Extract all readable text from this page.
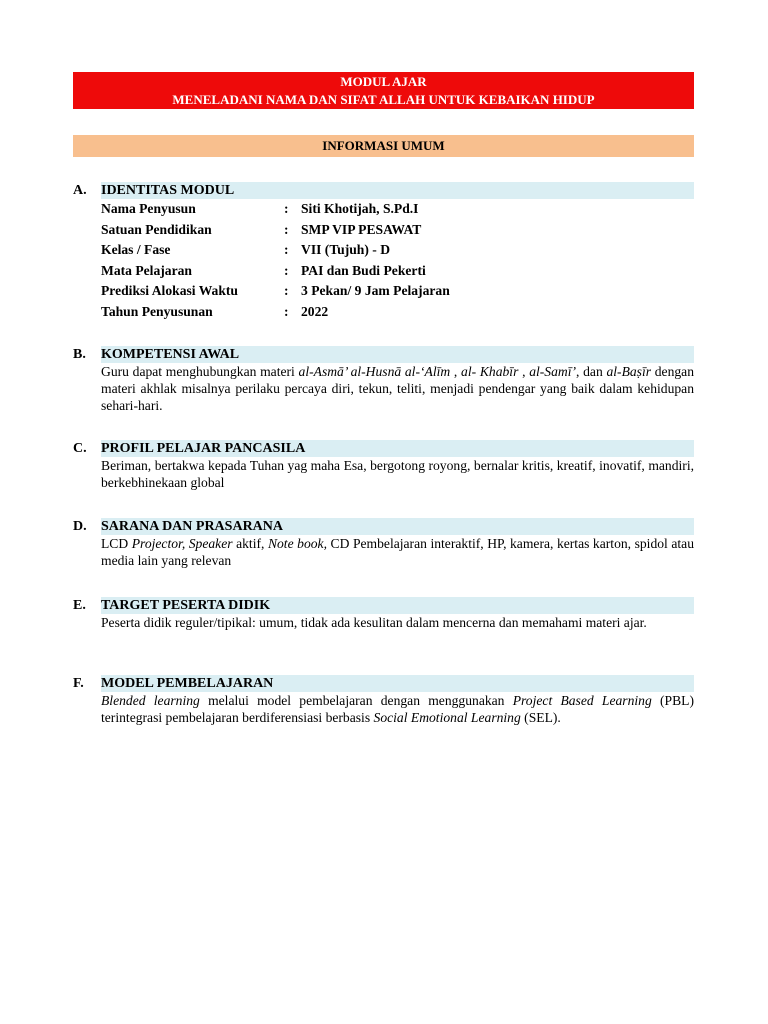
MODUL AJAR
MENELADANI NAMA DAN SIFAT ALLAH UNTUK KEBAIKAN HIDUP
INFORMASI UMUM
A.	IDENTITAS MODUL
Nama Penyusun	: Siti Khotijah, S.Pd.I
Satuan Pendidikan	: SMP VIP PESAWAT
Kelas / Fase	: VII (Tujuh) - D
Mata Pelajaran	: PAI dan Budi Pekerti
Prediksi Alokasi Waktu	: 3 Pekan/ 9 Jam Pelajaran
Tahun Penyusunan	: 2022
B.	KOMPETENSI AWAL
Guru dapat menghubungkan materi al-Asmā’ al-Husnā al-‘Alīm , al- Khabīr , al-Samī’, dan al-Baṣīr dengan materi akhlak misalnya perilaku percaya diri, tekun, teliti, menjadi pendengar yang baik dalam kehidupan sehari-hari.
C.	PROFIL PELAJAR PANCASILA
Beriman, bertakwa kepada Tuhan yag maha Esa, bergotong royong, bernalar kritis, kreatif, inovatif, mandiri, berkebhinekaan global
D.	SARANA DAN PRASARANA
LCD Projector, Speaker aktif, Note book, CD Pembelajaran interaktif, HP, kamera, kertas karton, spidol atau media lain yang relevan
E.	TARGET PESERTA DIDIK
Peserta didik reguler/tipikal: umum, tidak ada kesulitan dalam mencerna dan memahami materi ajar.
F.	MODEL PEMBELAJARAN
Blended learning melalui model pembelajaran dengan menggunakan Project Based Learning (PBL) terintegrasi pembelajaran berdiferensiasi berbasis Social Emotional Learning (SEL).
